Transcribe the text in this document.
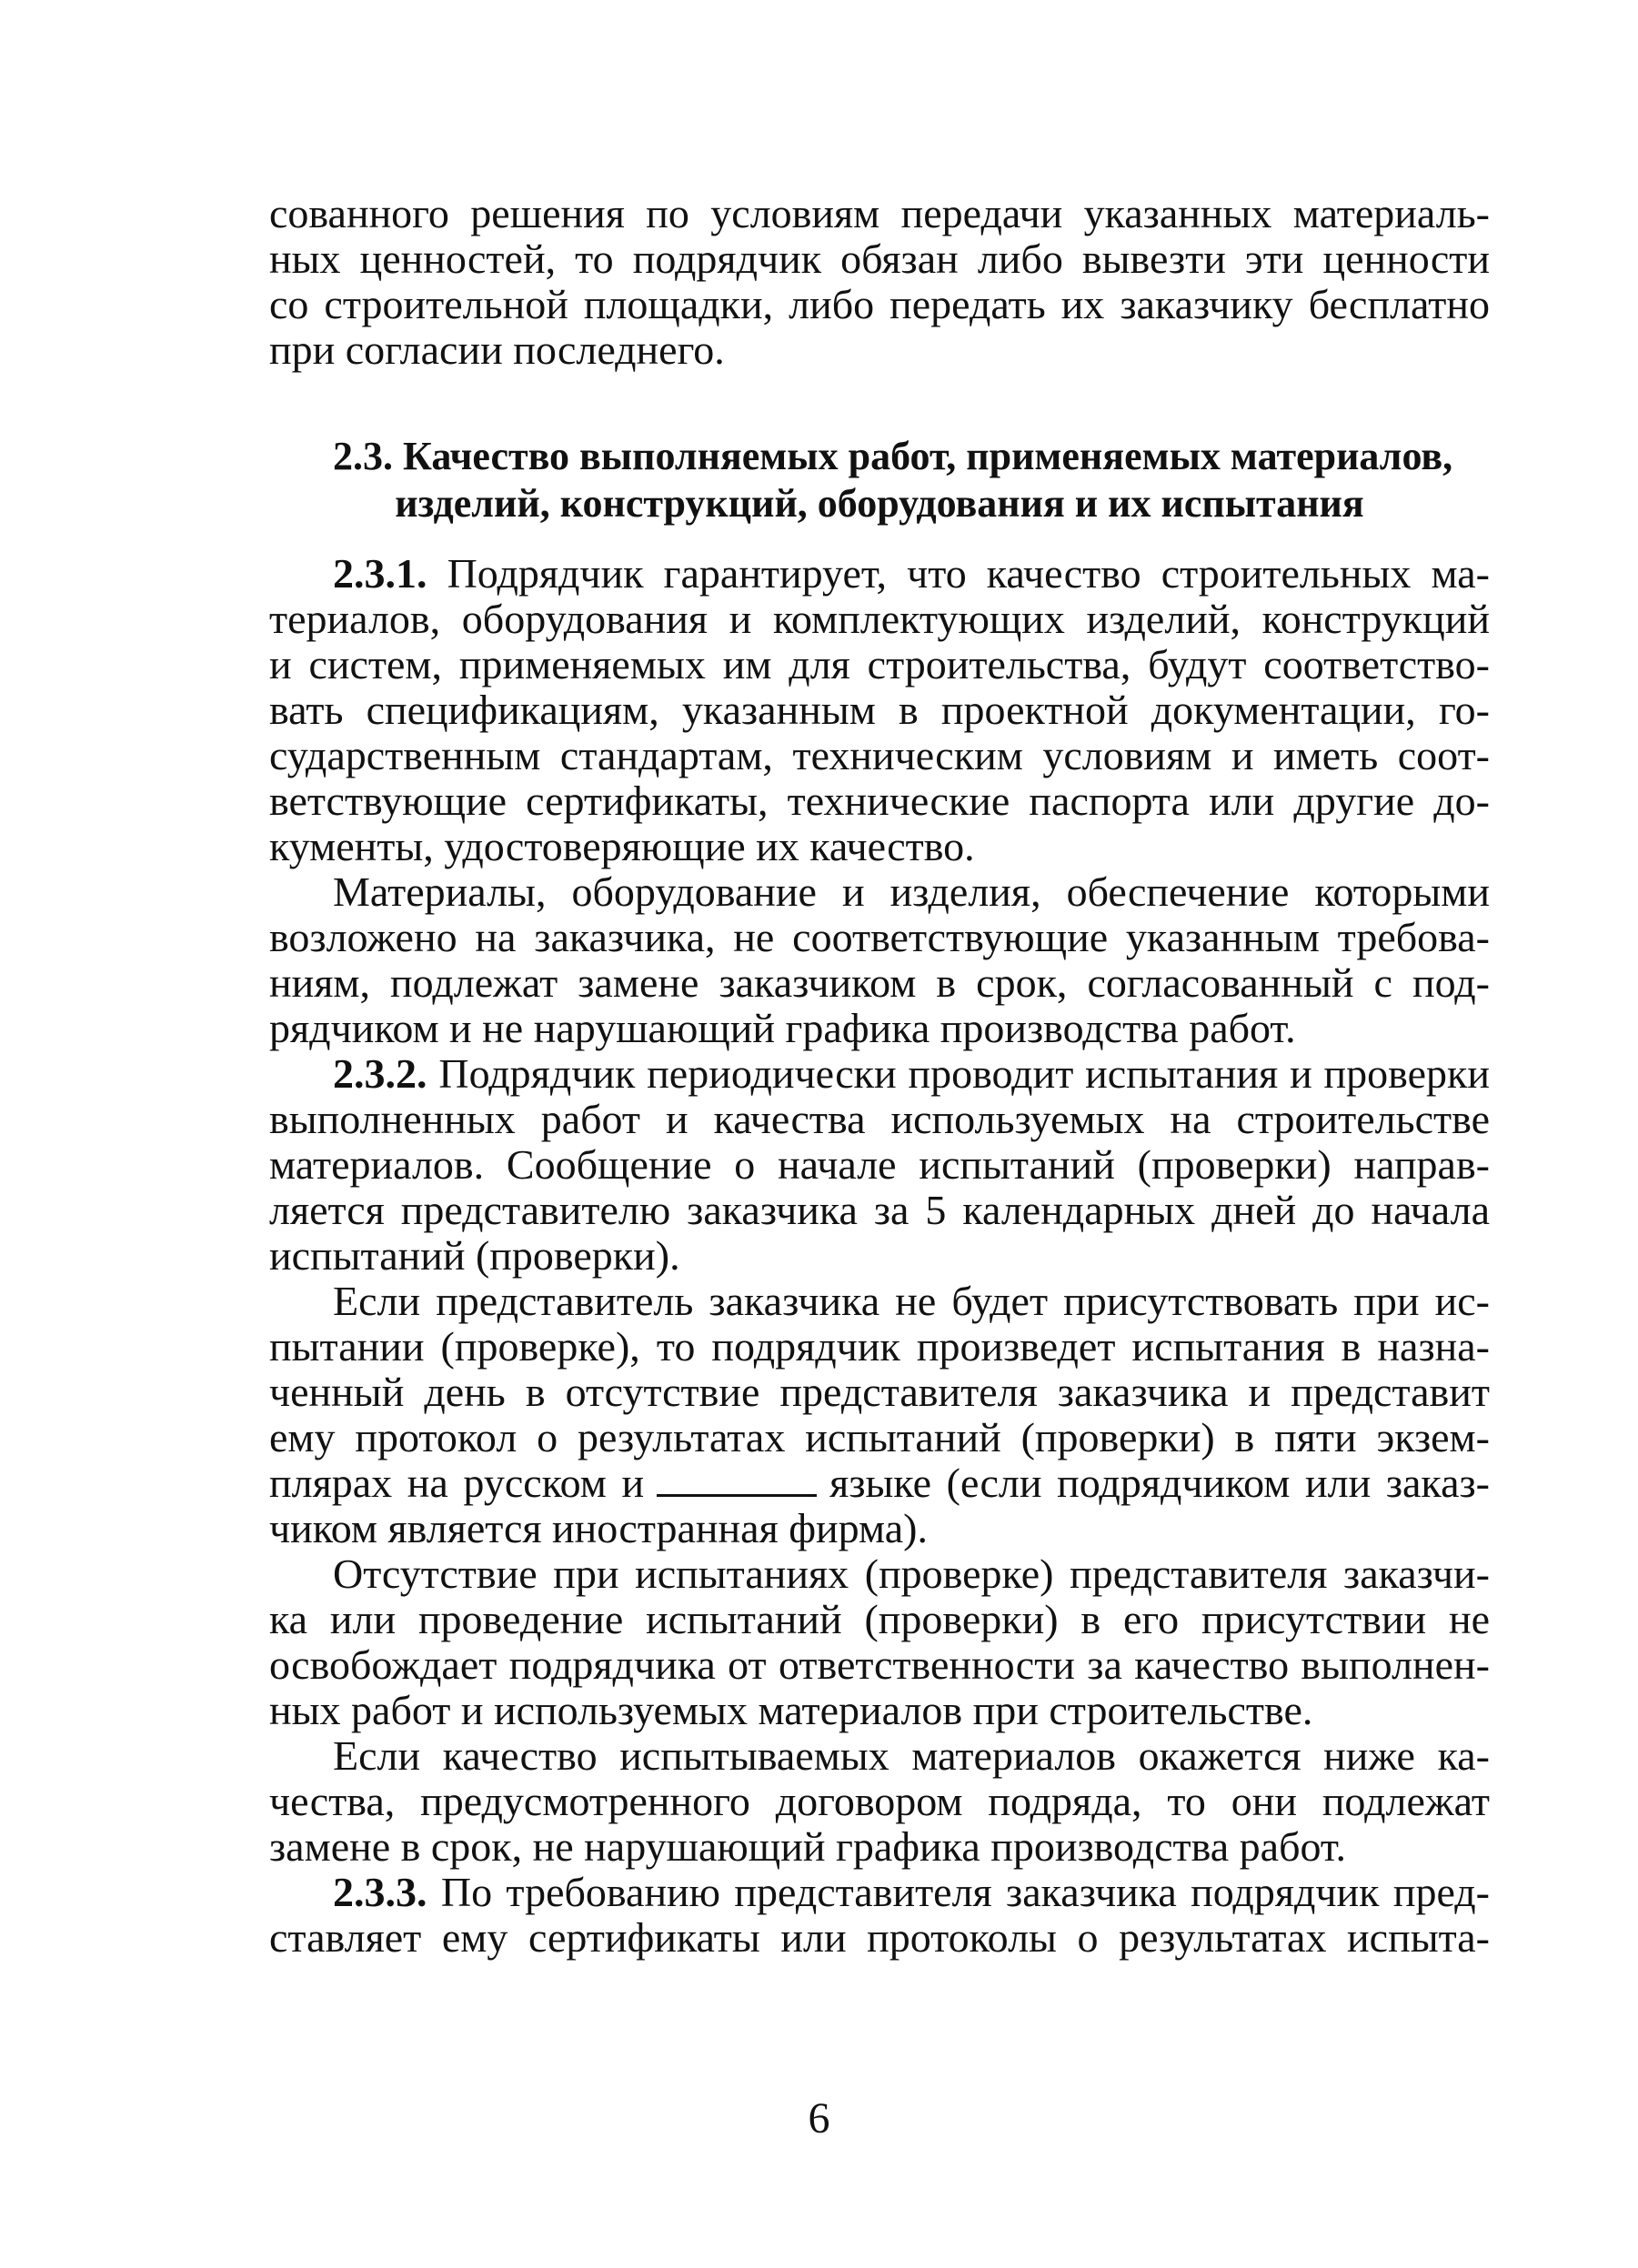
сованного решения по условиям передачи указанных материаль-
ных ценностей, то подрядчик обязан либо вывезти эти ценности
со строительной площадки, либо передать их заказчику бесплатно
при согласии последнего.
2.3. Качество выполняемых работ, применяемых материалов,
изделий, конструкций, оборудования и их испытания
2.3.1. Подрядчик гарантирует, что качество строительных ма-
териалов, оборудования и комплектующих изделий, конструкций
и систем, применяемых им для строительства, будут соответство-
вать спецификациям, указанным в проектной документации, го-
сударственным стандартам, техническим условиям и иметь соот-
ветствующие сертификаты, технические паспорта или другие до-
кументы, удостоверяющие их качество.
Материалы, оборудование и изделия, обеспечение которыми
возложено на заказчика, не соответствующие указанным требова-
ниям, подлежат замене заказчиком в срок, согласованный с под-
рядчиком и не нарушающий графика производства работ.
2.3.2. Подрядчик периодически проводит испытания и проверки
выполненных работ и качества используемых на строительстве
материалов. Сообщение о начале испытаний (проверки) направ-
ляется представителю заказчика за 5 календарных дней до начала
испытаний (проверки).
Если представитель заказчика не будет присутствовать при ис-
пытании (проверке), то подрядчик произведет испытания в назна-
ченный день в отсутствие представителя заказчика и представит
ему протокол о результатах испытаний (проверки) в пяти экзем-
плярах на русском и	языке (если подрядчиком или заказ-
чиком является иностранная фирма).
Отсутствие при испытаниях (проверке) представителя заказчи-
ка или проведение испытаний (проверки) в его присутствии не
освобождает подрядчика от ответственности за качество выполнен-
ных работ и используемых материалов при строительстве.
Если качество испытываемых материалов окажется ниже ка-
чества, предусмотренного договором подряда, то они подлежат
замене в срок, не нарушающий графика производства работ.
2.3.3. По требованию представителя заказчика подрядчик пред-
ставляет ему сертификаты или протоколы о результатах испыта-
6
